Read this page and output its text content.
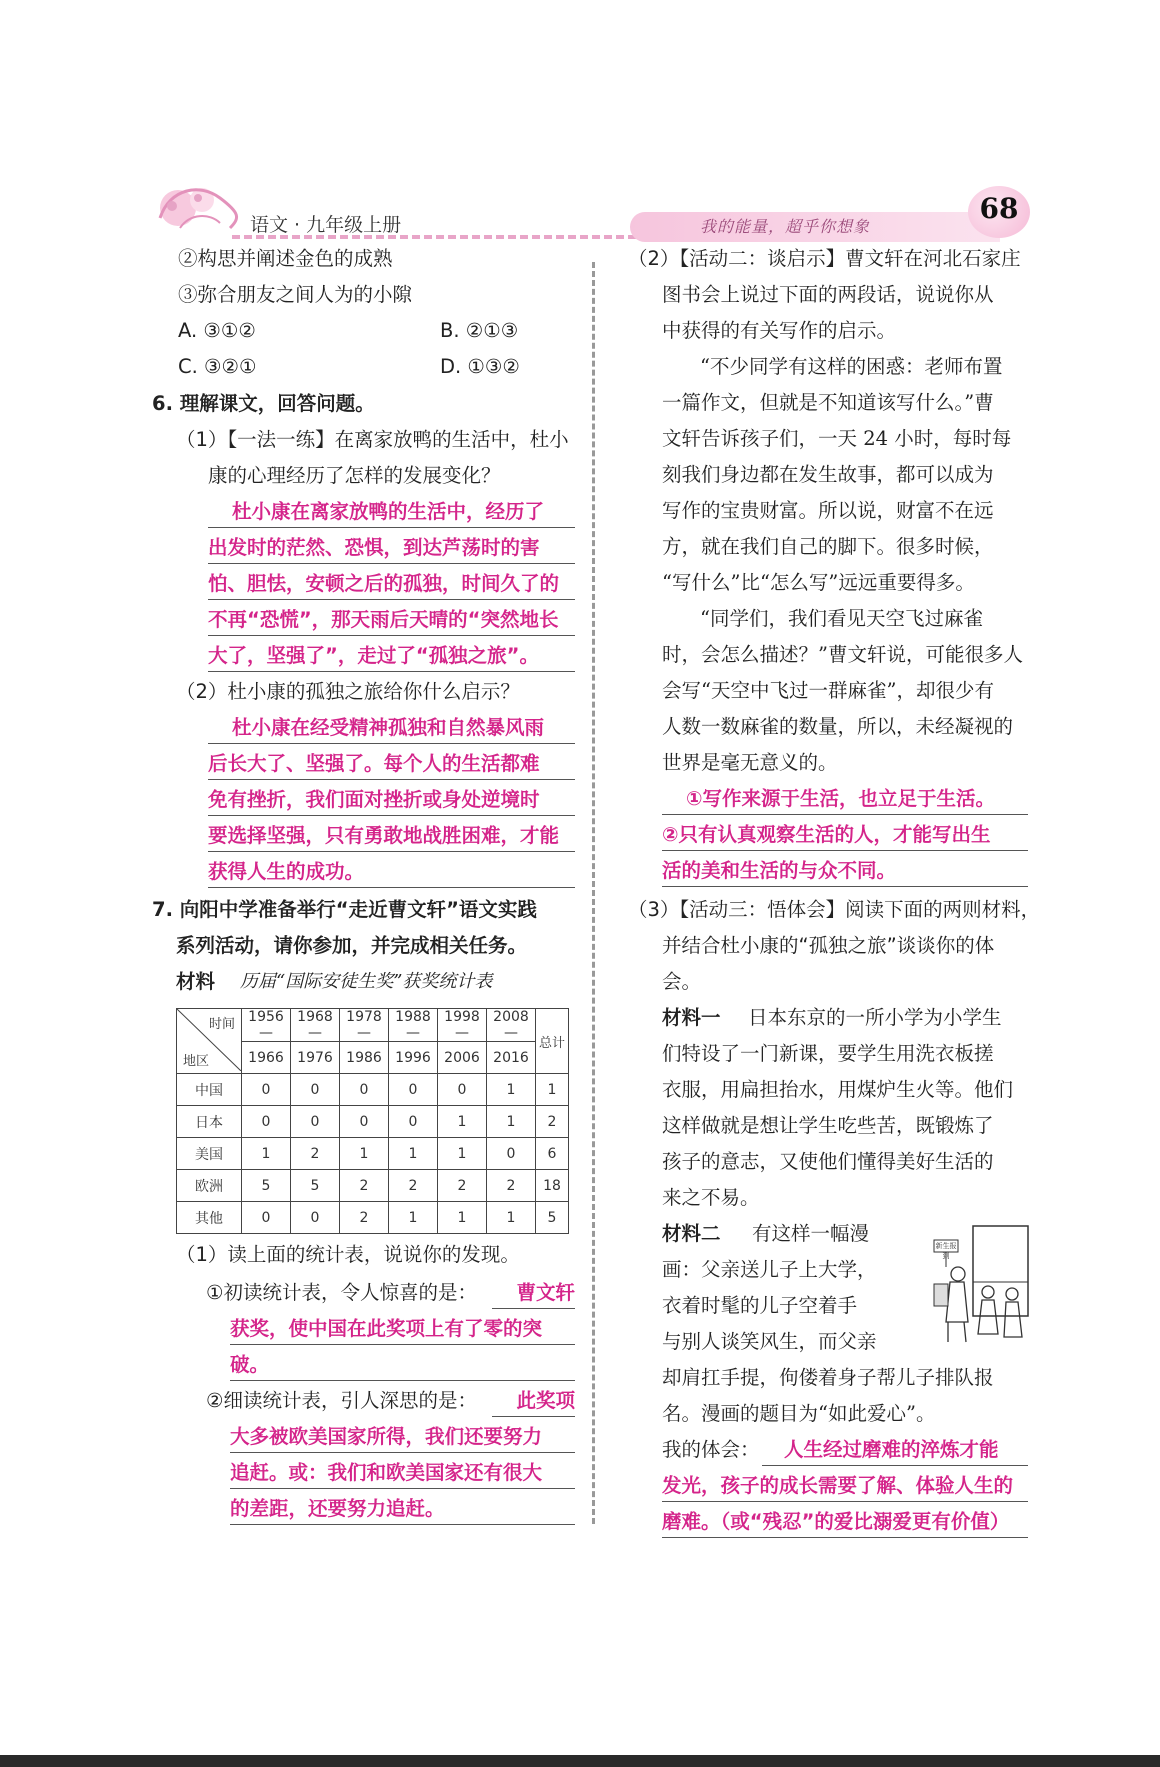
语文 · 九年级上册	我的能量，超乎你想象
68
②构思并阐述金色的成熟
③弥合朋友之间人为的小隙
A. ③①②	B. ②①③
C. ③②①	D. ①③②
6. 理解课文，回答问题。
（1）【一法一练】在离家放鸭的生活中，杜小
康的心理经历了怎样的发展变化？
杜小康在离家放鸭的生活中，经历了
出发时的茫然、恐惧，到达芦荡时的害
怕、胆怯，安顿之后的孤独，时间久了的
不再“恐慌”，那天雨后天晴的“突然地长
大了，坚强了”，走过了“孤独之旅”。
（2）杜小康的孤独之旅给你什么启示？
杜小康在经受精神孤独和自然暴风雨
后长大了、坚强了。每个人的生活都难
免有挫折，我们面对挫折或身处逆境时
要选择坚强，只有勇敢地战胜困难，才能
获得人生的成功。
7. 向阳中学准备举行“走近曹文轩”语文实践
系列活动，请你参加，并完成相关任务。
材料 历届“国际安徒生奖”获奖统计表
时间
地区	1956—	1968—	1978—	1988—	1998—	2008—	总计
	1966	1976	1986	1996	2006	2016	
中国	0	0	0	0	0	1	1
日本	0	0	0	0	1	1	2
美国	1	2	1	1	1	0	6
欧洲	5	5	2	2	2	2	18
其他	0	0	2	1	1	1	5
（1）读上面的统计表，说说你的发现。
①初读统计表，令人惊喜的是：	曹文轩
获奖，使中国在此奖项上有了零的突
破。
②细读统计表，引人深思的是：	此奖项
大多被欧美国家所得，我们还要努力
追赶。或：我们和欧美国家还有很大
的差距，还要努力追赶。
（2）【活动二：谈启示】曹文轩在河北石家庄
图书会上说过下面的两段话，说说你从
中获得的有关写作的启示。
“不少同学有这样的困惑：老师布置
一篇作文，但就是不知道该写什么。”曹
文轩告诉孩子们，一天 24 小时，每时每
刻我们身边都在发生故事，都可以成为
写作的宝贵财富。所以说，财富不在远
方，就在我们自己的脚下。很多时候，
“写什么”比“怎么写”远远重要得多。
“同学们，我们看见天空飞过麻雀
时，会怎么描述？”曹文轩说，可能很多人
会写“天空中飞过一群麻雀”，却很少有
人数一数麻雀的数量，所以，未经凝视的
世界是毫无意义的。
①写作来源于生活，也立足于生活。
②只有认真观察生活的人，才能写出生
活的美和生活的与众不同。
（3）【活动三：悟体会】阅读下面的两则材料，
并结合杜小康的“孤独之旅”谈谈你的体
会。
材料一 日本东京的一所小学为小学生
们特设了一门新课，要学生用洗衣板搓
衣服，用扁担抬水，用煤炉生火等。他们
这样做就是想让学生吃些苦，既锻炼了
孩子的意志，又使他们懂得美好生活的
来之不易。
材料二 有这样一幅漫
画：父亲送儿子上大学，
衣着时髦的儿子空着手
与别人谈笑风生，而父亲
却肩扛手提，佝偻着身子帮儿子排队报
名。漫画的题目为“如此爱心”。
新生报到
我的体会：	人生经过磨难的淬炼才能
发光，孩子的成长需要了解、体验人生的
磨难。（或“残忍”的爱比溺爱更有价值）
